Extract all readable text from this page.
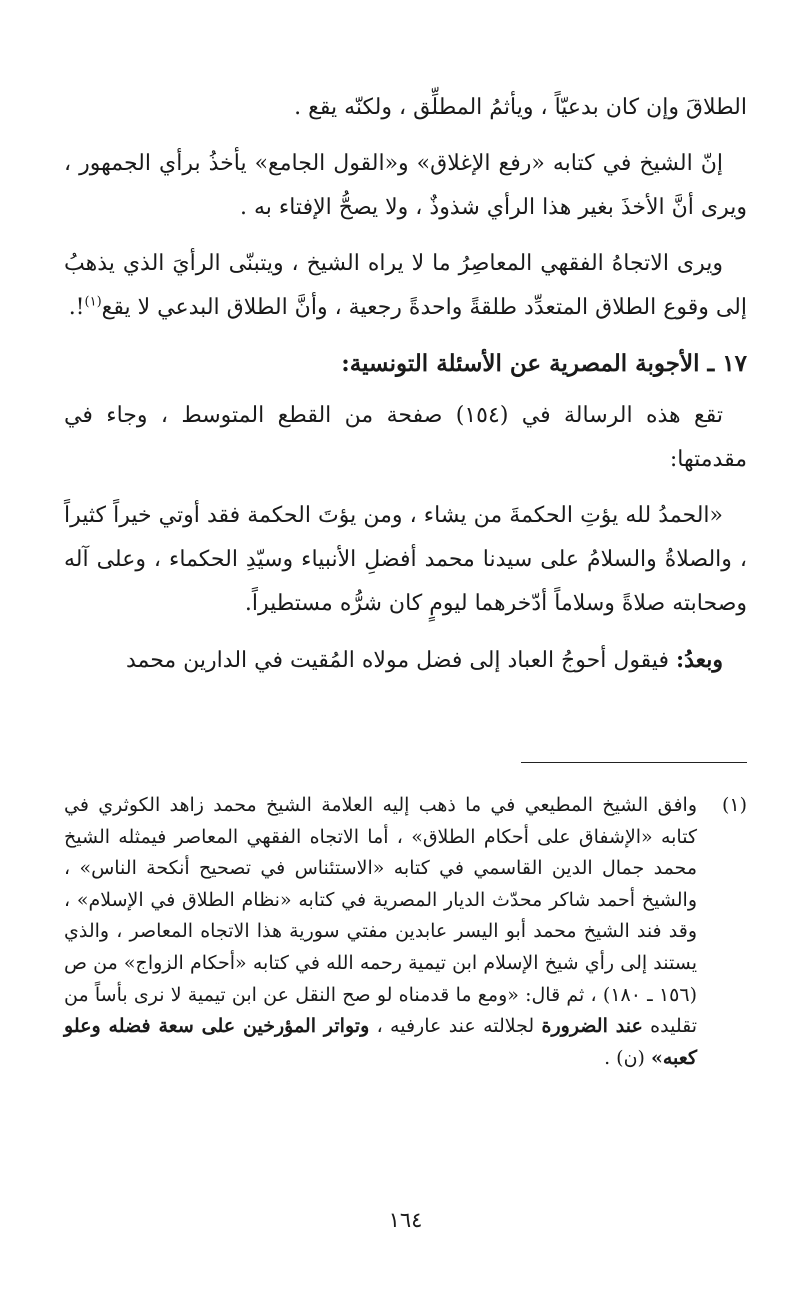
الطلاقَ وإن كان بدعيّاً ، ويأثمُ المطلِّق ، ولكنّه يقع .

إنّ الشيخ في كتابه «رفع الإغلاق» و«القول الجامع» يأخذُ برأي الجمهور ، ويرى أنَّ الأخذَ بغير هذا الرأي شذوذٌ ، ولا يصحُّ الإفتاء به .

ويرى الاتجاهُ الفقهي المعاصِرُ ما لا يراه الشيخ ، ويتبنّى الرأيَ الذي يذهبُ إلى وقوع الطلاق المتعدِّد طلقةً واحدةً رجعية ، وأنَّ الطلاق البدعي لا يقع$^{(١)}$!.

١٧ ـ الأجوبة المصرية عن الأسئلة التونسية:

تقع هذه الرسالة في (١٥٤) صفحة من القطع المتوسط ، وجاء في مقدمتها:

«الحمدُ لله يؤتِ الحكمةَ من يشاء ، ومن يؤتَ الحكمة فقد أوتي خيراً كثيراً ، والصلاةُ والسلامُ على سيدنا محمد أفضلِ الأنبياء وسيّدِ الحكماء ، وعلى آله وصحابته صلاةً وسلاماً أدّخرهما ليومٍ كان شرُّه مستطيراً.

وبعدُ: فيقول أحوجُ العباد إلى فضل مولاه المُقيت في الدارين محمد

(١)
وافق الشيخ المطيعي في ما ذهب إليه العلامة الشيخ محمد زاهد الكوثري في كتابه «الإشفاق على أحكام الطلاق» ، أما الاتجاه الفقهي المعاصر فيمثله الشيخ محمد جمال الدين القاسمي في كتابه «الاستئناس في تصحيح أنكحة الناس» ، والشيخ أحمد شاكر محدّث الديار المصرية في كتابه «نظام الطلاق في الإسلام» ، وقد فند الشيخ محمد أبو اليسر عابدين مفتي سورية هذا الاتجاه المعاصر ، والذي يستند إلى رأي شيخ الإسلام ابن تيمية رحمه الله في كتابه «أحكام الزواج» من ص (١٥٦ ـ ١٨٠) ، ثم قال: «ومع ما قدمناه لو صح النقل عن ابن تيمية لا نرى بأساً من تقليده عند الضرورة لجلالته عند عارفيه ، وتواتر المؤرخين على سعة فضله وعلو كعبه» (ن) .
١٦٤
